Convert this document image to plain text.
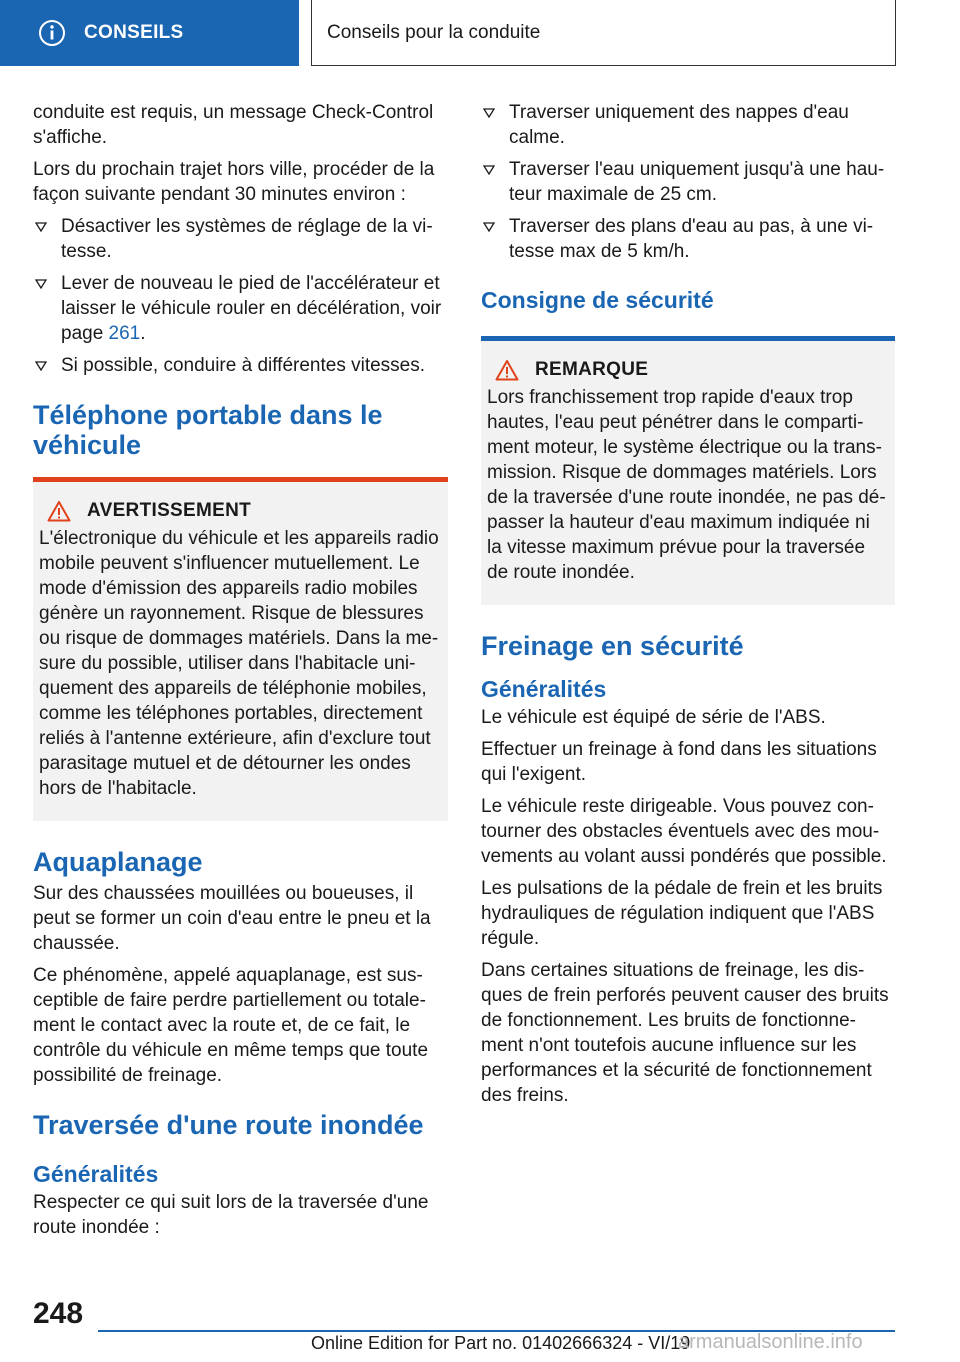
CONSEILS	Conseils pour la conduite

conduite est requis, un message Check-Control s'affiche.

Lors du prochain trajet hors ville, procéder de la façon suivante pendant 30 minutes environ :

Désactiver les systèmes de réglage de la vi-tesse.
Lever de nouveau le pied de l'accélérateur et laisser le véhicule rouler en décélération, voir page 261.
Si possible, conduire à différentes vitesses.
Téléphone portable dans le véhicule
AVERTISSEMENT

L'électronique du véhicule et les appareils radio mobile peuvent s'influencer mutuellement. Le mode d'émission des appareils radio mobiles génère un rayonnement. Risque de blessures ou risque de dommages matériels. Dans la me-sure du possible, utiliser dans l'habitacle uni-quement des appareils de téléphonie mobiles, comme les téléphones portables, directement reliés à l'antenne extérieure, afin d'exclure tout parasitage mutuel et de détourner les ondes hors de l'habitacle.

Aquaplanage

Sur des chaussées mouillées ou boueuses, il peut se former un coin d'eau entre le pneu et la chaussée.

Ce phénomène, appelé aquaplanage, est sus-ceptible de faire perdre partiellement ou totale-ment le contact avec la route et, de ce fait, le contrôle du véhicule en même temps que toute possibilité de freinage.

Traversée d'une route inondée
Généralités

Respecter ce qui suit lors de la traversée d'une route inondée :

Traverser uniquement des nappes d'eau calme.
Traverser l'eau uniquement jusqu'à une hau-teur maximale de 25 cm.
Traverser des plans d'eau au pas, à une vi-tesse max de 5 km/h.
Consigne de sécurité
REMARQUE

Lors franchissement trop rapide d'eaux trop hautes, l'eau peut pénétrer dans le comparti-ment moteur, le système électrique ou la trans-mission. Risque de dommages matériels. Lors de la traversée d'une route inondée, ne pas dé-passer la hauteur d'eau maximum indiquée ni la vitesse maximum prévue pour la traversée de route inondée.

Freinage en sécurité
Généralités

Le véhicule est équipé de série de l'ABS.

Effectuer un freinage à fond dans les situations qui l'exigent.

Le véhicule reste dirigeable. Vous pouvez con-tourner des obstacles éventuels avec des mou-vements au volant aussi pondérés que possible.

Les pulsations de la pédale de frein et les bruits hydrauliques de régulation indiquent que l'ABS régule.

Dans certaines situations de freinage, les dis-ques de frein perforés peuvent causer des bruits de fonctionnement. Les bruits de fonctionne-ment n'ont toutefois aucune influence sur les performances et la sécurité de fonctionnement des freins.

248
Online Edition for Part no. 01402666324 - VI/19
armanualsonline.info
